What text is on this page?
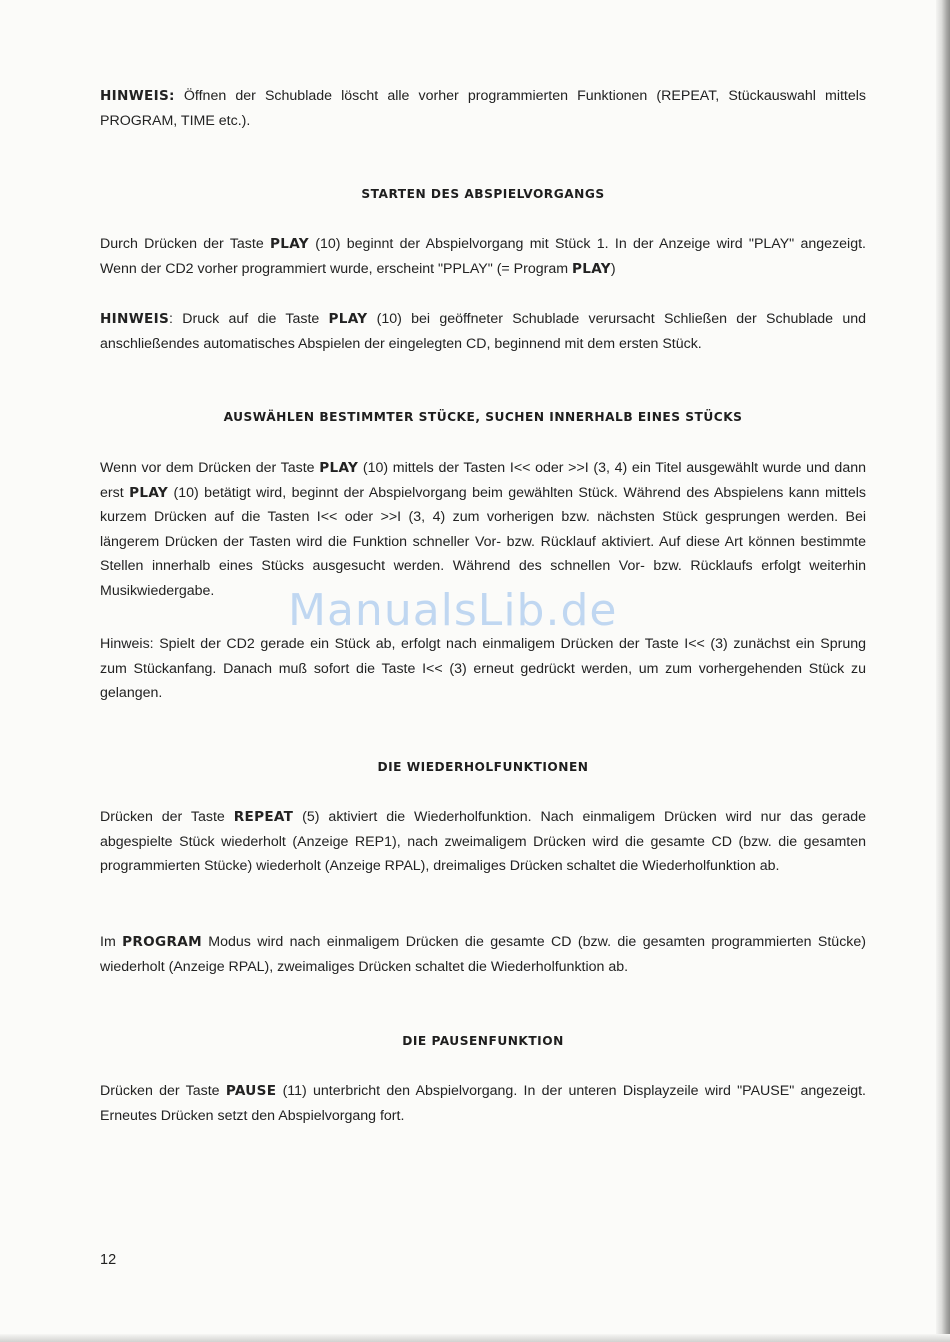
HINWEIS: Öffnen der Schublade löscht alle vorher programmierten Funktionen (REPEAT, Stückauswahl mittels PROGRAM, TIME etc.).

STARTEN DES ABSPIELVORGANGS

Durch Drücken der Taste PLAY (10) beginnt der Abspielvorgang mit Stück 1. In der Anzeige wird "PLAY" angezeigt. Wenn der CD2 vorher programmiert wurde, erscheint "PPLAY" (= Program PLAY)

HINWEIS: Druck auf die Taste PLAY (10) bei geöffneter Schublade verursacht Schließen der Schublade und anschließendes automatisches Abspielen der eingelegten CD, beginnend mit dem ersten Stück.

AUSWÄHLEN BESTIMMTER STÜCKE, SUCHEN INNERHALB EINES STÜCKS

Wenn vor dem Drücken der Taste PLAY (10) mittels der Tasten I<< oder >>I (3, 4) ein Titel ausgewählt wurde und dann erst PLAY (10) betätigt wird, beginnt der Abspielvorgang beim gewählten Stück. Während des Abspielens kann mittels kurzem Drücken auf die Tasten I<< oder >>I (3, 4) zum vorherigen bzw. nächsten Stück gesprungen werden. Bei längerem Drücken der Tasten wird die Funktion schneller Vor- bzw. Rücklauf aktiviert. Auf diese Art können bestimmte Stellen innerhalb eines Stücks ausgesucht werden. Während des schnellen Vor- bzw. Rücklaufs erfolgt weiterhin Musikwiedergabe.

Hinweis: Spielt der CD2 gerade ein Stück ab, erfolgt nach einmaligem Drücken der Taste I<< (3) zunächst ein Sprung zum Stückanfang. Danach muß sofort die Taste I<< (3) erneut gedrückt werden, um zum vorhergehenden Stück zu gelangen.

DIE WIEDERHOLFUNKTIONEN

Drücken der Taste REPEAT (5) aktiviert die Wiederholfunktion. Nach einmaligem Drücken wird nur das gerade abgespielte Stück wiederholt (Anzeige REP1), nach zweimaligem Drücken wird die gesamte CD (bzw. die gesamten programmierten Stücke) wiederholt (Anzeige RPAL), dreimaliges Drücken schaltet die Wiederholfunktion ab.

Im PROGRAM Modus wird nach einmaligem Drücken die gesamte CD (bzw. die gesamten programmierten Stücke) wiederholt (Anzeige RPAL), zweimaliges Drücken schaltet die Wiederholfunktion ab.

DIE PAUSENFUNKTION

Drücken der Taste PAUSE (11) unterbricht den Abspielvorgang. In der unteren Displayzeile wird "PAUSE" angezeigt. Erneutes Drücken setzt den Abspielvorgang fort.

ManualsLib.de
12
